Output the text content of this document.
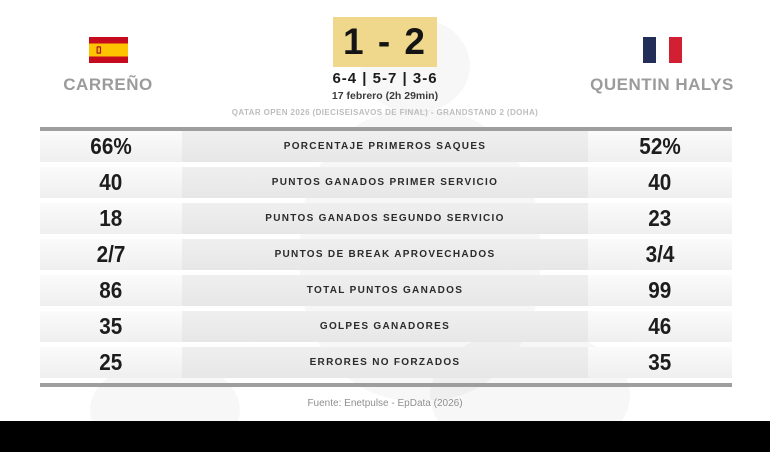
CARREÑO	QUENTIN HALYS
1 - 2
6-4 | 5-7 | 3-6
17 febrero (2h 29min)
QATAR OPEN 2026 (DIECISEISAVOS DE FINAL) - GRANDSTAND 2 (DOHA)
66%	PORCENTAJE PRIMEROS SAQUES	52%
40	PUNTOS GANADOS PRIMER SERVICIO	40
18	PUNTOS GANADOS SEGUNDO SERVICIO	23
2/7	PUNTOS DE BREAK APROVECHADOS	3/4
86	TOTAL PUNTOS GANADOS	99
35	GOLPES GANADORES	46
25	ERRORES NO FORZADOS	35
Fuente: Enetpulse - EpData (2026)
